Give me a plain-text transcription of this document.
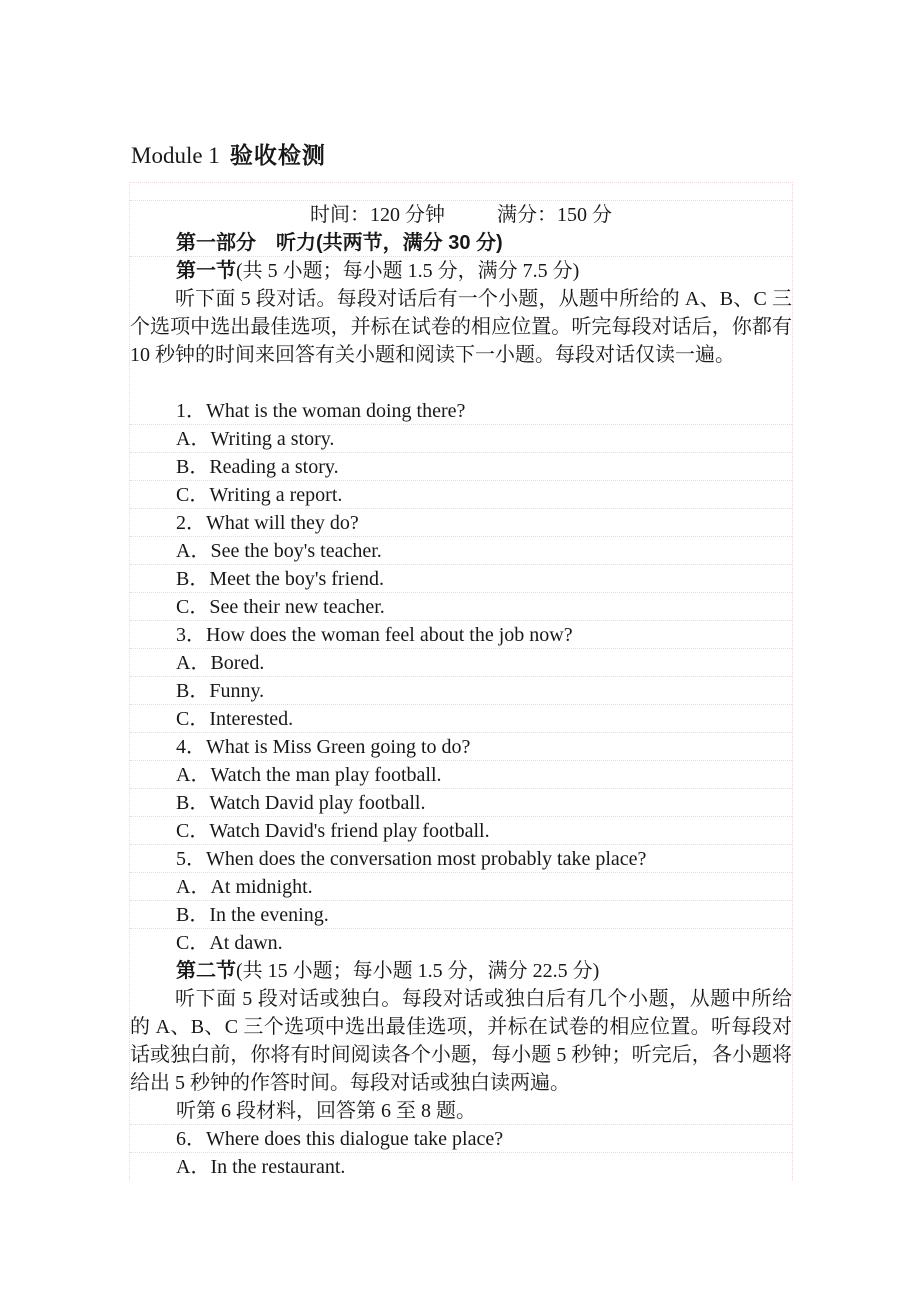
Module 1 验收检测
时间：120 分钟	满分：150 分
第一部分 听力(共两节，满分 30 分)
第一节(共 5 小题；每小题 1.5 分，满分 7.5 分)

听下面 5 段对话。每段对话后有一个小题，从题中所给的 A、B、C 三个选项中选出最佳选项，并标在试卷的相应位置。听完每段对话后，你都有 10 秒钟的时间来回答有关小题和阅读下一小题。每段对话仅读一遍。

1．What is the woman doing there?
A．Writing a story.
B．Reading a story.
C．Writing a report.
2．What will they do?
A．See the boy's teacher.
B．Meet the boy's friend.
C．See their new teacher.
3．How does the woman feel about the job now?
A．Bored.
B．Funny.
C．Interested.
4．What is Miss Green going to do?
A．Watch the man play football.
B．Watch David play football.
C．Watch David's friend play football.
5．When does the conversation most probably take place?
A．At midnight.
B．In the evening.
C．At dawn.
第二节(共 15 小题；每小题 1.5 分，满分 22.5 分)

听下面 5 段对话或独白。每段对话或独白后有几个小题，从题中所给的 A、B、C 三个选项中选出最佳选项，并标在试卷的相应位置。听每段对话或独白前，你将有时间阅读各个小题，每小题 5 秒钟；听完后，各小题将给出 5 秒钟的作答时间。每段对话或独白读两遍。

听第 6 段材料，回答第 6 至 8 题。
6．Where does this dialogue take place?
A．In the restaurant.
